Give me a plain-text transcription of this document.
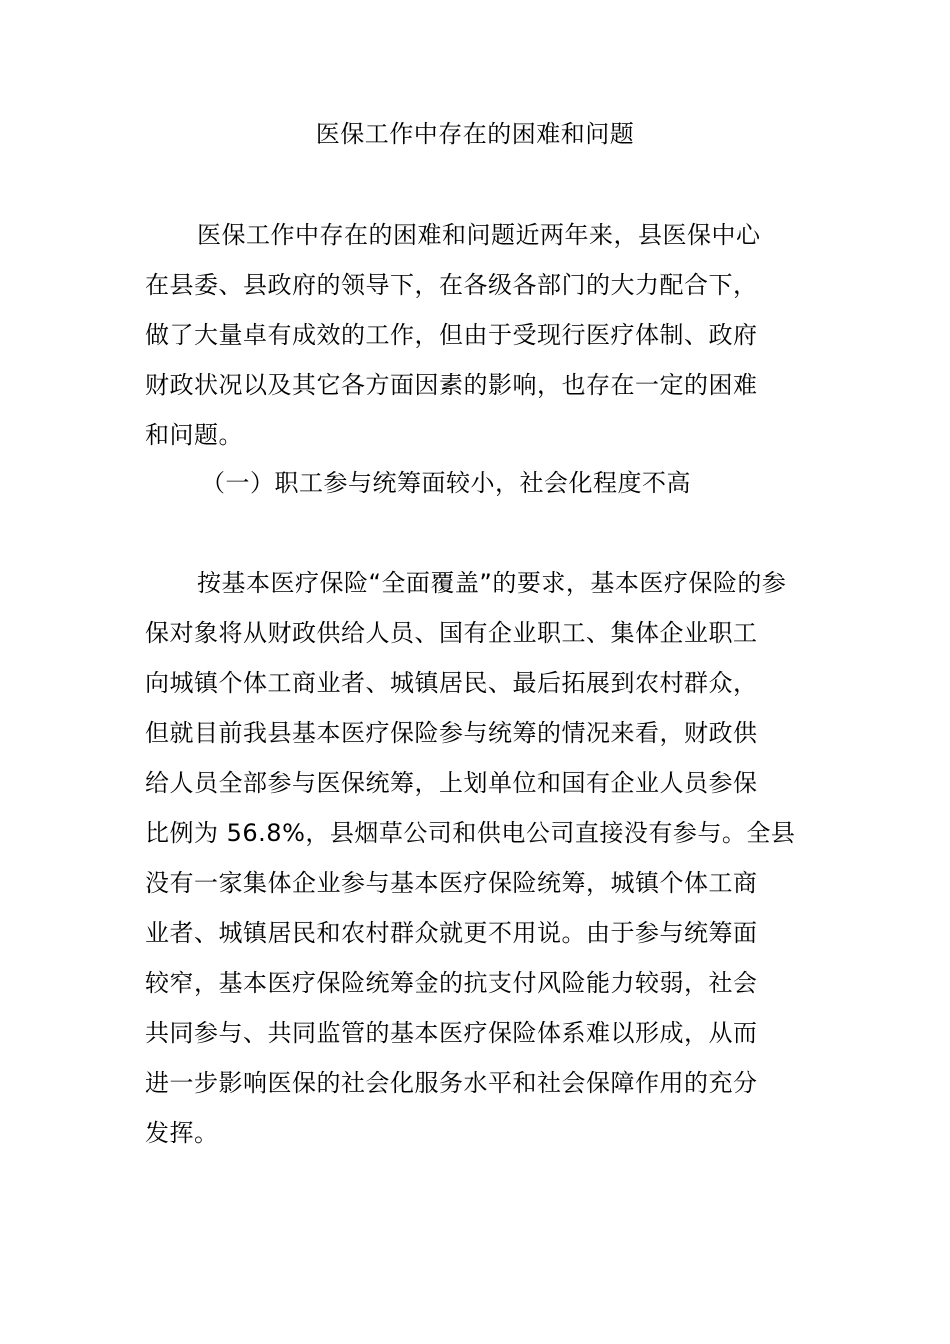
医保工作中存在的困难和问题
医保工作中存在的困难和问题近两年来，县医保中心
在县委、县政府的领导下，在各级各部门的大力配合下，
做了大量卓有成效的工作，但由于受现行医疗体制、政府
财政状况以及其它各方面因素的影响，也存在一定的困难
和问题。
（一）职工参与统筹面较小，社会化程度不高
按基本医疗保险“全面覆盖”的要求，基本医疗保险的参
保对象将从财政供给人员、国有企业职工、集体企业职工
向城镇个体工商业者、城镇居民、最后拓展到农村群众，
但就目前我县基本医疗保险参与统筹的情况来看，财政供
给人员全部参与医保统筹，上划单位和国有企业人员参保
比例为 56.8%，县烟草公司和供电公司直接没有参与。全县
没有一家集体企业参与基本医疗保险统筹，城镇个体工商
业者、城镇居民和农村群众就更不用说。由于参与统筹面
较窄，基本医疗保险统筹金的抗支付风险能力较弱，社会
共同参与、共同监管的基本医疗保险体系难以形成，从而
进一步影响医保的社会化服务水平和社会保障作用的充分
发挥。
